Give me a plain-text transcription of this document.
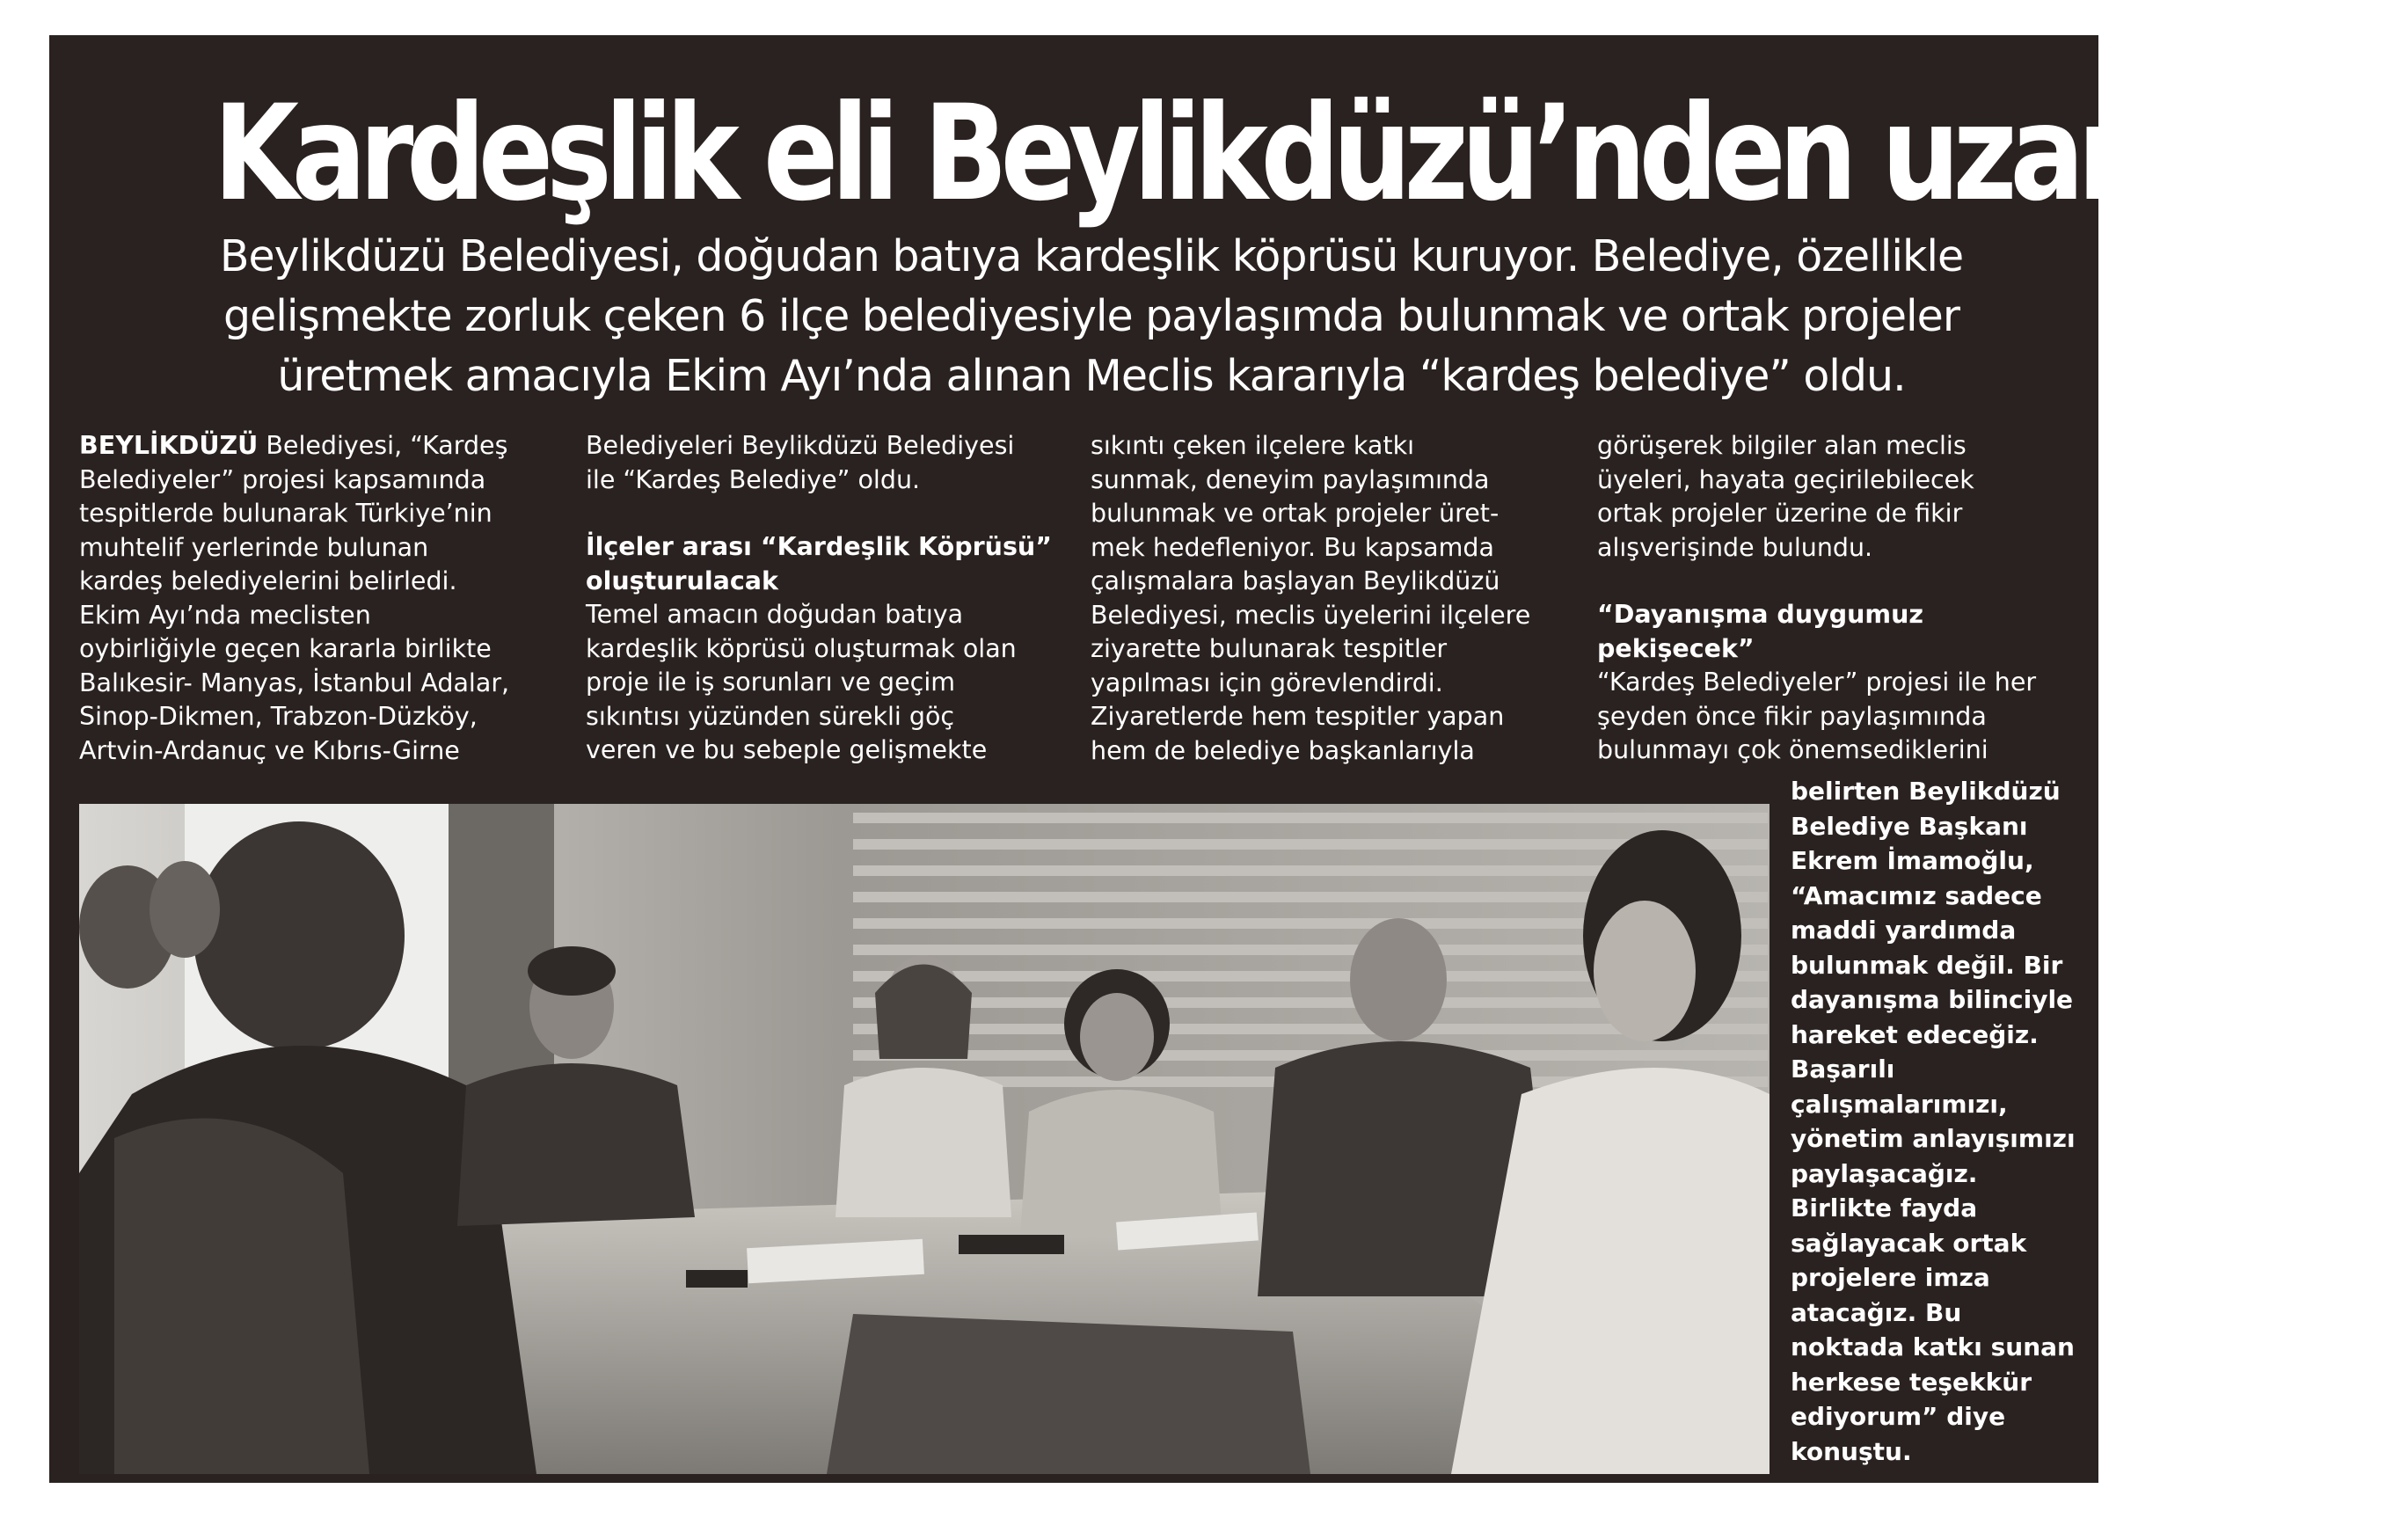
Kardeşlik eli Beylikdüzü’nden uzanacak
Beylikdüzü Belediyesi, doğudan batıya kardeşlik köprüsü kuruyor. Belediye, özellikle
gelişmekte zorluk çeken 6 ilçe belediyesiyle paylaşımda bulunmak ve ortak projeler
üretmek amacıyla Ekim Ayı’nda alınan Meclis kararıyla “kardeş belediye” oldu.
BEYLİKDÜZÜ Belediyesi, “Kardeş
Belediyeler” projesi kapsamında
tespitlerde bulunarak Türkiye’nin
muhtelif yerlerinde bulunan
kardeş belediyelerini belirledi.
Ekim Ayı’nda meclisten
oybirliğiyle geçen kararla birlikte
Balıkesir- Manyas, İstanbul Adalar,
Sinop-Dikmen, Trabzon-Düzköy,
Artvin-Ardanuç ve Kıbrıs-Girne
Belediyeleri Beylikdüzü Belediyesi
ile “Kardeş Belediye” oldu.
İlçeler arası “Kardeşlik Köprüsü”
oluşturulacak
Temel amacın doğudan batıya
kardeşlik köprüsü oluşturmak olan
proje ile iş sorunları ve geçim
sıkıntısı yüzünden sürekli göç
veren ve bu sebeple gelişmekte
sıkıntı çeken ilçelere katkı
sunmak, deneyim paylaşımında
bulunmak ve ortak projeler üret-
mek hedefleniyor. Bu kapsamda
çalışmalara başlayan Beylikdüzü
Belediyesi, meclis üyelerini ilçelere
ziyarette bulunarak tespitler
yapılması için görevlendirdi.
Ziyaretlerde hem tespitler yapan
hem de belediye başkanlarıyla
görüşerek bilgiler alan meclis
üyeleri, hayata geçirilebilecek
ortak projeler üzerine de fikir
alışverişinde bulundu.
“Dayanışma duygumuz
pekişecek”
“Kardeş Belediyeler” projesi ile her
şeyden önce fikir paylaşımında
bulunmayı çok önemsediklerini
belirten Beylikdüzü
Belediye Başkanı
Ekrem İmamoğlu,
“Amacımız sadece
maddi yardımda
bulunmak değil. Bir
dayanışma bilinciyle
hareket edeceğiz.
Başarılı
çalışmalarımızı,
yönetim anlayışımızı
paylaşacağız.
Birlikte fayda
sağlayacak ortak
projelere imza
atacağız. Bu
noktada katkı sunan
herkese teşekkür
ediyorum” diye
konuştu.
